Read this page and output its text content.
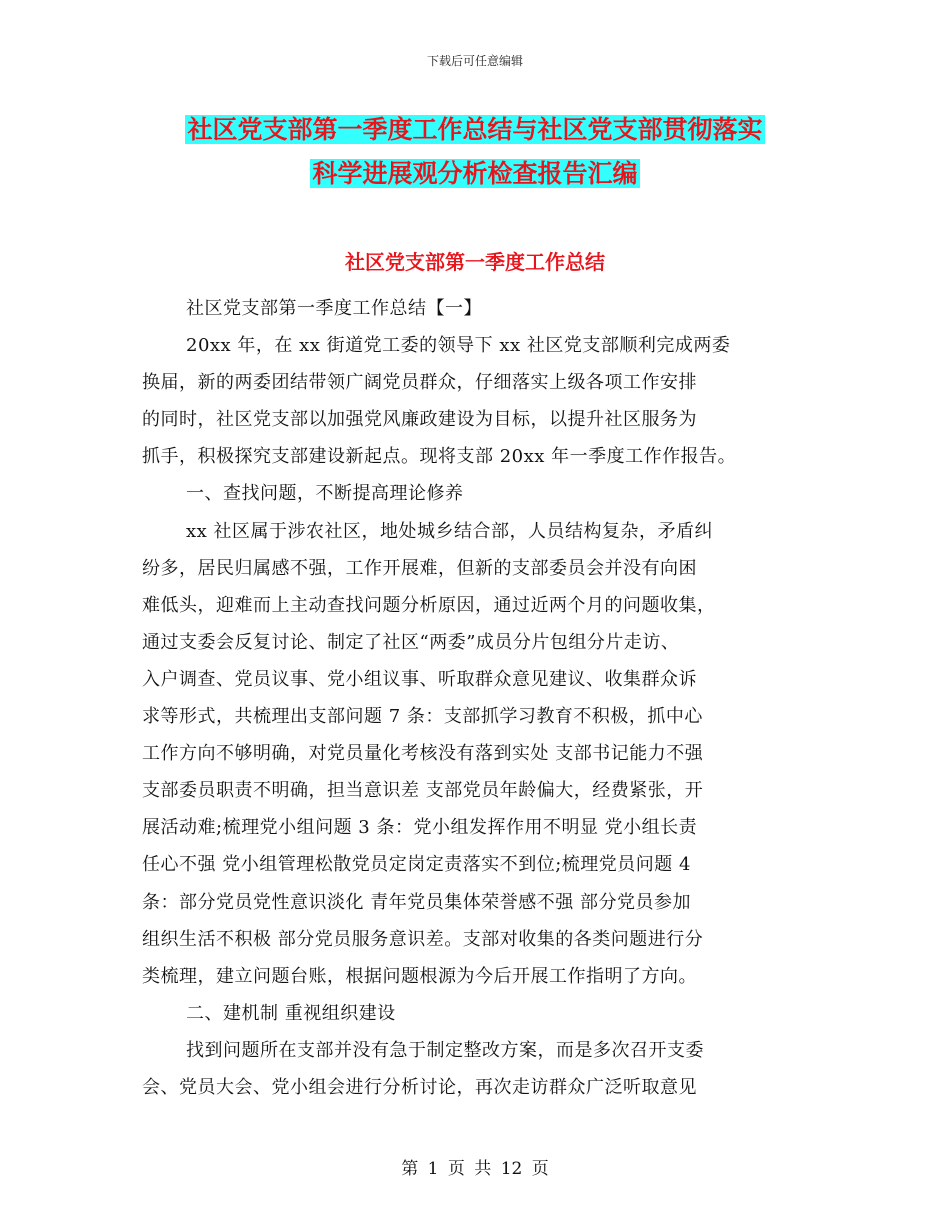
下载后可任意编辑
社区党支部第一季度工作总结与社区党支部贯彻落实
科学进展观分析检查报告汇编
社区党支部第一季度工作总结

社区党支部第一季度工作总结【一】

20xx 年，在 xx 街道党工委的领导下 xx 社区党支部顺利完成两委

换届，新的两委团结带领广阔党员群众，仔细落实上级各项工作安排

的同时，社区党支部以加强党风廉政建设为目标，以提升社区服务为

抓手，积极探究支部建设新起点。现将支部 20xx 年一季度工作作报告。

一、查找问题，不断提高理论修养

xx 社区属于涉农社区，地处城乡结合部，人员结构复杂，矛盾纠

纷多，居民归属感不强，工作开展难，但新的支部委员会并没有向困

难低头，迎难而上主动查找问题分析原因，通过近两个月的问题收集，

通过支委会反复讨论、制定了社区“两委”成员分片包组分片走访、

入户调查、党员议事、党小组议事、听取群众意见建议、收集群众诉

求等形式，共梳理出支部问题 7 条：支部抓学习教育不积极，抓中心

工作方向不够明确，对党员量化考核没有落到实处 支部书记能力不强

支部委员职责不明确，担当意识差 支部党员年龄偏大，经费紧张，开

展活动难;梳理党小组问题 3 条：党小组发挥作用不明显 党小组长责

任心不强 党小组管理松散党员定岗定责落实不到位;梳理党员问题 4

条：部分党员党性意识淡化 青年党员集体荣誉感不强 部分党员参加

组织生活不积极 部分党员服务意识差。支部对收集的各类问题进行分

类梳理，建立问题台账，根据问题根源为今后开展工作指明了方向。

二、建机制 重视组织建设

找到问题所在支部并没有急于制定整改方案，而是多次召开支委

会、党员大会、党小组会进行分析讨论，再次走访群众广泛听取意见

第 1 页 共 12 页
